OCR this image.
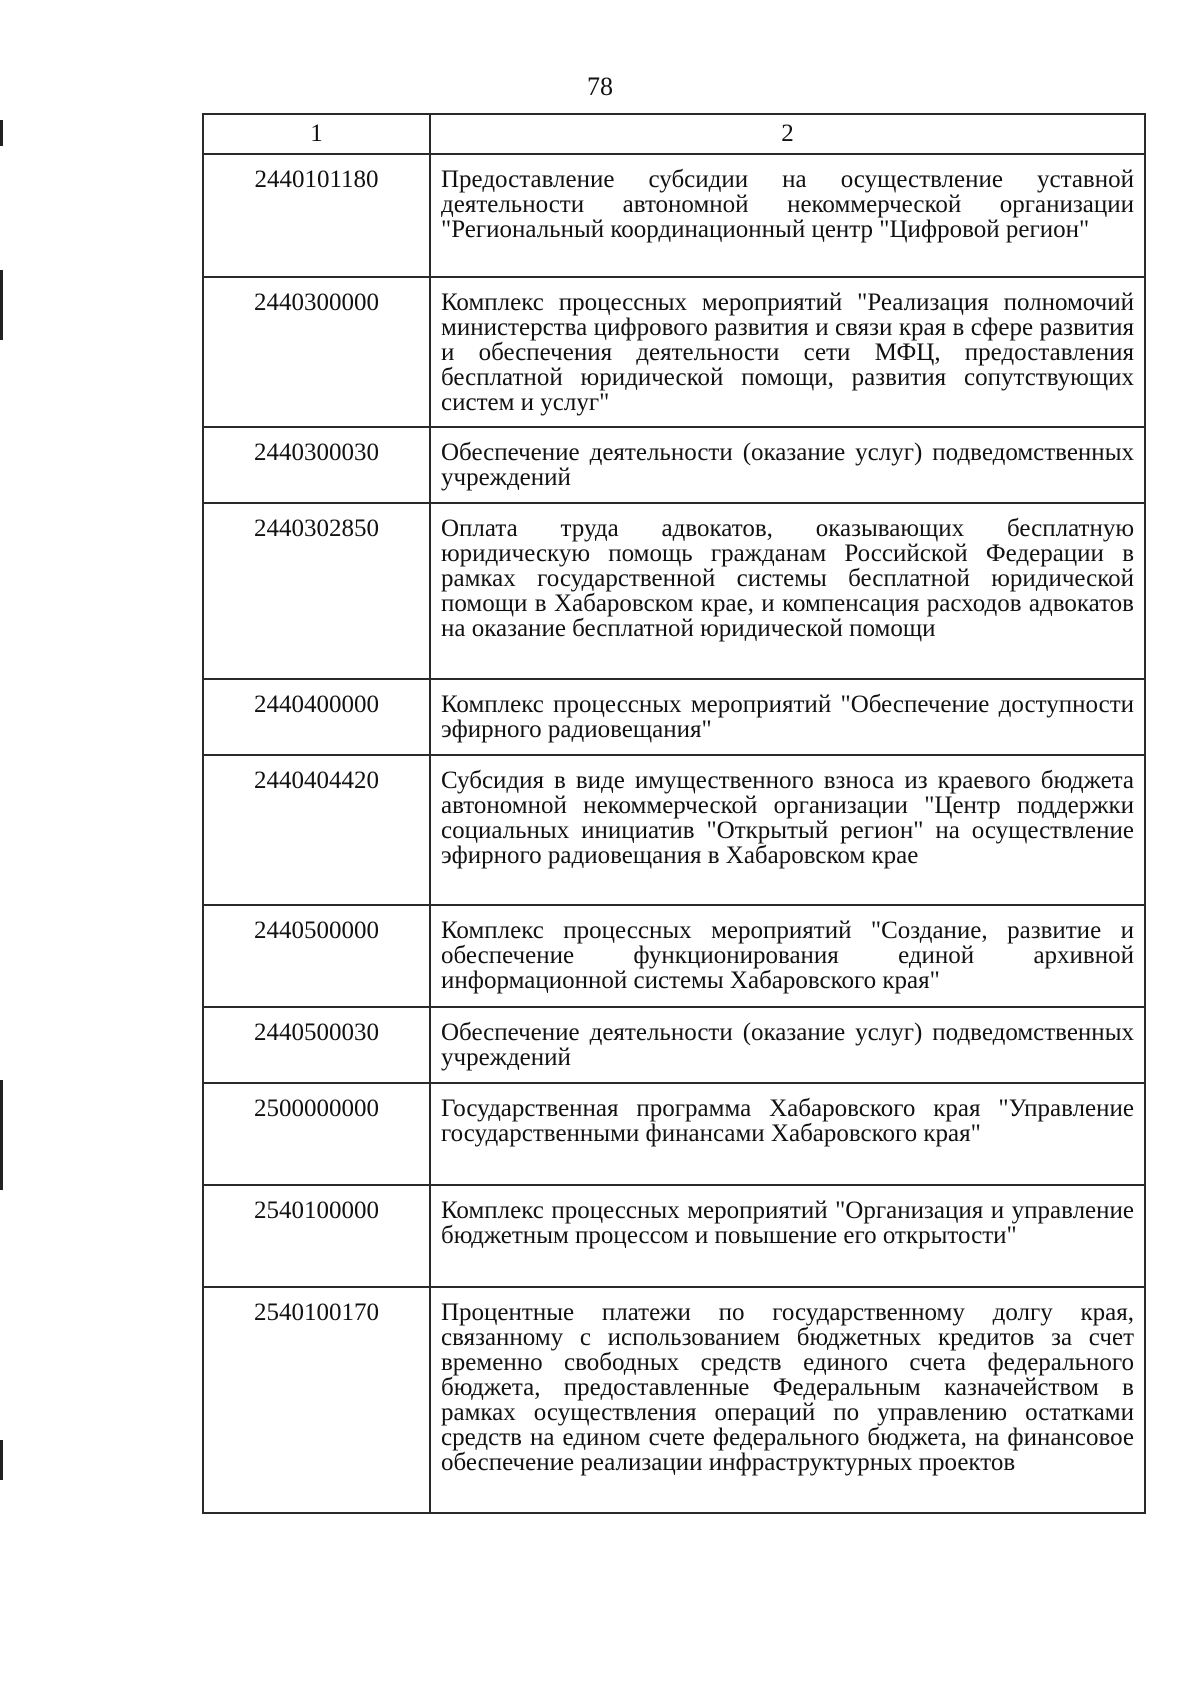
78
1	2
2440101180	Предоставление субсидии на осуществление уставной деятельности автономной некоммерческой организации "Региональный координационный центр "Цифровой регион"
2440300000	Комплекс процессных мероприятий "Реализация полномочий министерства цифрового развития и связи края в сфере развития и обеспечения деятельности сети МФЦ, предоставления бесплатной юридической помощи, развития сопутствующих систем и услуг"
2440300030	Обеспечение деятельности (оказание услуг) подведомственных учреждений
2440302850	Оплата труда адвокатов, оказывающих бесплатную юридическую помощь гражданам Российской Федерации в рамках государственной системы бесплатной юридической помощи в Хабаровском крае, и компенсация расходов адвокатов на оказание бесплатной юридической помощи
2440400000	Комплекс процессных мероприятий "Обеспечение доступности эфирного радиовещания"
2440404420	Субсидия в виде имущественного взноса из краевого бюджета автономной некоммерческой организации "Центр поддержки социальных инициатив "Открытый регион" на осуществление эфирного радиовещания в Хабаровском крае
2440500000	Комплекс процессных мероприятий "Создание, развитие и обеспечение функционирования единой архивной информационной системы Хабаровского края"
2440500030	Обеспечение деятельности (оказание услуг) подведомственных учреждений
2500000000	Государственная программа Хабаровского края "Управление государственными финансами Хабаровского края"
2540100000	Комплекс процессных мероприятий "Организация и управление бюджетным процессом и повышение его открытости"
2540100170	Процентные платежи по государственному долгу края, связанному с использованием бюджетных кредитов за счет временно свободных средств единого счета федерального бюджета, предоставленные Федеральным казначейством в рамках осуществления операций по управлению остатками средств на едином счете федерального бюджета, на финансовое обеспечение реализации инфраструктурных проектов
